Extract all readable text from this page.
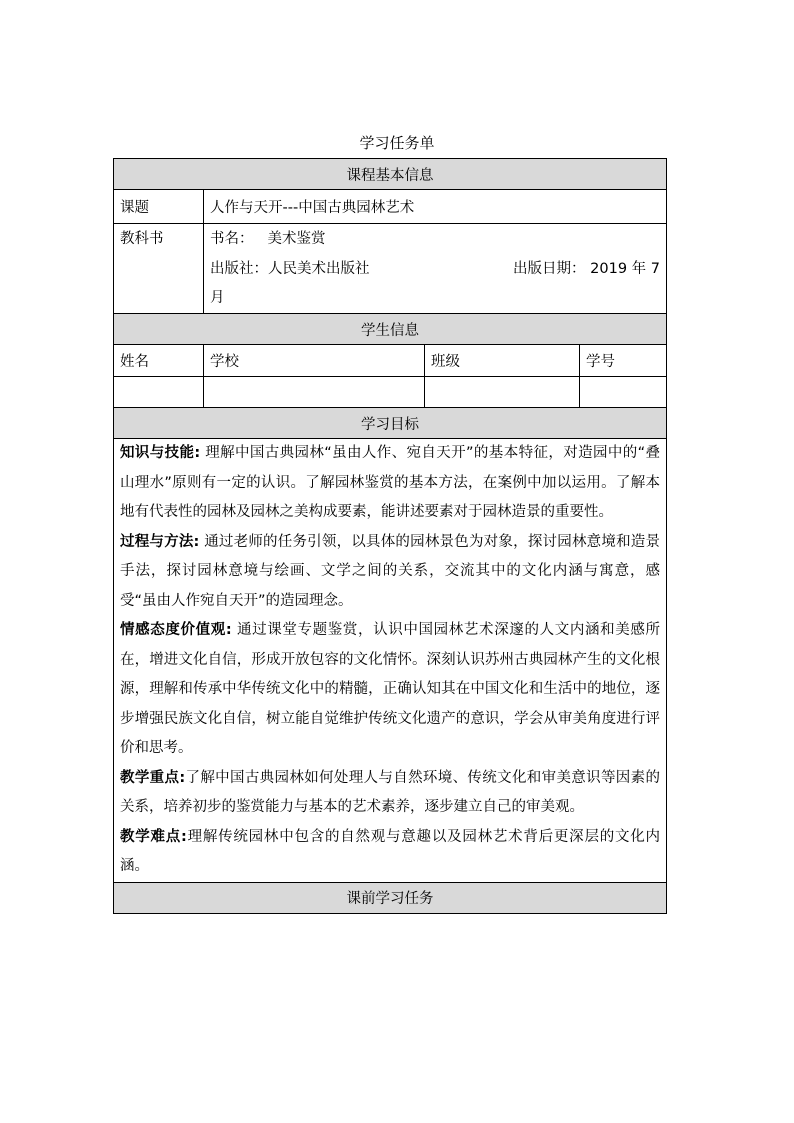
学习任务单
课程基本信息			
课题	人作与天开---中国古典园林艺术		
教科书	书名： 美术鉴赏
出版社：人民美术出版社 出版日期： 2019 年 7
月		

学生信息			
姓名	学校	班级	学号

学习目标			

知识与技能: 理解中国古典园林“虽由人作、宛自天开”的基本特征，对造园中的“叠山理水”原则有一定的认识。了解园林鉴赏的基本方法，在案例中加以运用。了解本地有代表性的园林及园林之美构成要素，能讲述要素对于园林造景的重要性。

过程与方法: 通过老师的任务引领，以具体的园林景色为对象，探讨园林意境和造景手法，探讨园林意境与绘画、文学之间的关系，交流其中的文化内涵与寓意，感受“虽由人作宛自天开”的造园理念。

情感态度价值观: 通过课堂专题鉴赏，认识中国园林艺术深邃的人文内涵和美感所在，增进文化自信，形成开放包容的文化情怀。深刻认识苏州古典园林产生的文化根源，理解和传承中华传统文化中的精髓，正确认知其在中国文化和生活中的地位，逐步增强民族文化自信，树立能自觉维护传统文化遗产的意识，学会从审美角度进行评价和思考。

教学重点:了解中国古典园林如何处理人与自然环境、传统文化和审美意识等因素的关系，培养初步的鉴赏能力与基本的艺术素养，逐步建立自己的审美观。

教学难点:理解传统园林中包含的自然观与意趣以及园林艺术背后更深层的文化内涵。			

课前学习任务			
